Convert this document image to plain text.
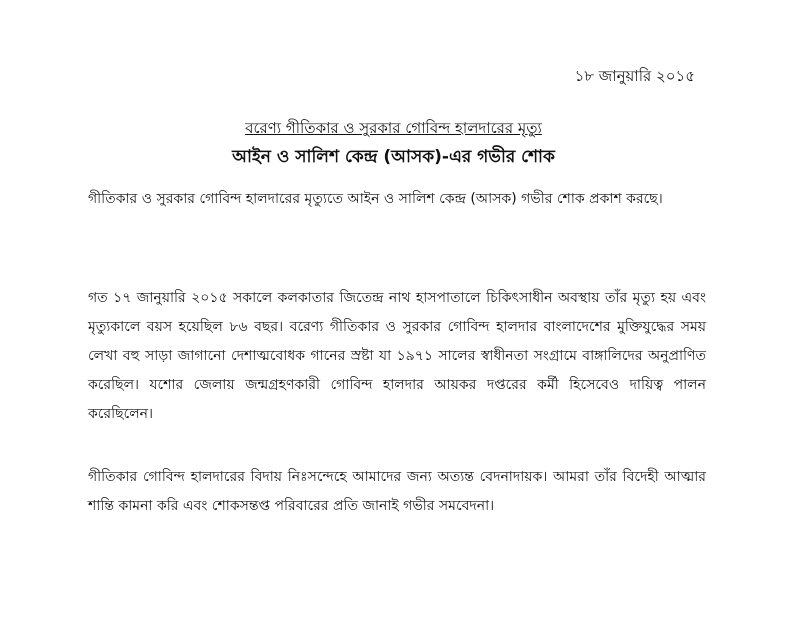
১৮ জানুয়ারি ২০১৫
বরেণ্য গীতিকার ও সুরকার গোবিন্দ হালদারের মৃত্যু
আইন ও সালিশ কেন্দ্র (আসক)-এর গভীর শোক

গীতিকার ও সুরকার গোবিন্দ হালদারের মৃত্যুতে আইন ও সালিশ কেন্দ্র (আসক) গভীর শোক প্রকাশ করছে।

গত ১৭ জানুয়ারি ২০১৫ সকালে কলকাতার জিতেন্দ্র নাথ হাসপাতালে চিকিৎসাধীন অবস্থায় তাঁর মৃত্যু হয় এবং মৃত্যুকালে বয়স হয়েছিল ৮৬ বছর। বরেণ্য গীতিকার ও সুরকার গোবিন্দ হালদার বাংলাদেশের মুক্তিযুদ্ধের সময় লেখা বহু সাড়া জাগানো দেশাত্মবোধক গানের স্রষ্টা যা ১৯৭১ সালের স্বাধীনতা সংগ্রামে বাঙ্গালিদের অনুপ্রাণিত করেছিল। যশোর জেলায় জন্মগ্রহণকারী গোবিন্দ হালদার আয়কর দপ্তরের কর্মী হিসেবেও দায়িত্ব পালন করেছিলেন।

গীতিকার গোবিন্দ হালদারের বিদায় নিঃসন্দেহে আমাদের জন্য অত্যন্ত বেদনাদায়ক। আমরা তাঁর বিদেহী আত্মার শান্তি কামনা করি এবং শোকসন্তপ্ত পরিবারের প্রতি জানাই গভীর সমবেদনা।
